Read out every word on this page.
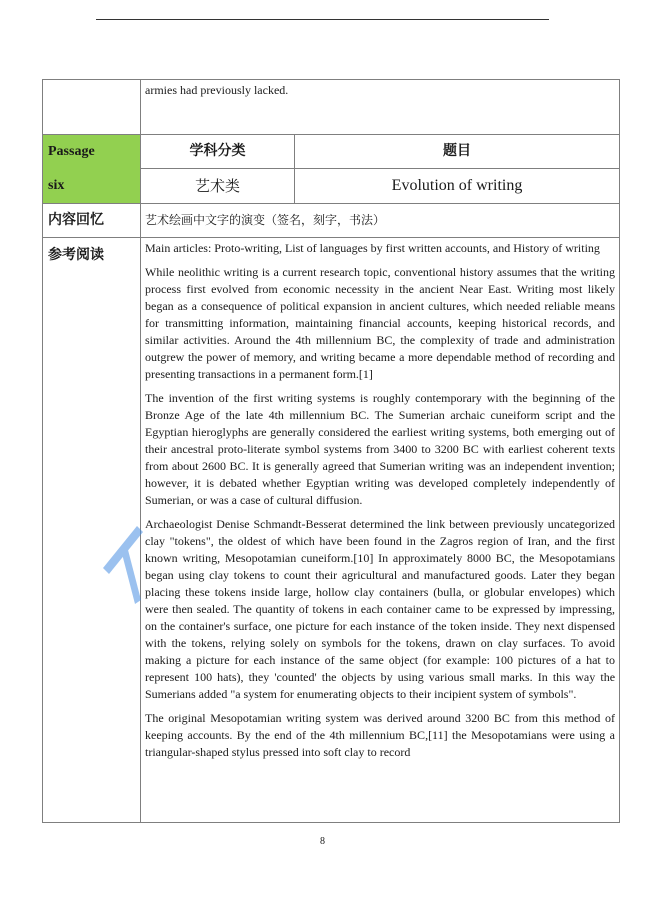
	armies had previously lacked.	

Passage
six	学科分类	题目

	艺术类	Evolution of writing

内容回忆	艺术绘画中文字的演变（签名，刻字，书法）	

参考阅读	Main articles: Proto-writing, List of languages by first written accounts, and History of writing

While neolithic writing is a current research topic, conventional history assumes that the writing process first evolved from economic necessity in the ancient Near East. Writing most likely began as a consequence of political expansion in ancient cultures, which needed reliable means for transmitting information, maintaining financial accounts, keeping historical records, and similar activities. Around the 4th millennium BC, the complexity of trade and administration outgrew the power of memory, and writing became a more dependable method of recording and presenting transactions in a permanent form.[1]

The invention of the first writing systems is roughly contemporary with the beginning of the Bronze Age of the late 4th millennium BC. The Sumerian archaic cuneiform script and the Egyptian hieroglyphs are generally considered the earliest writing systems, both emerging out of their ancestral proto-literate symbol systems from 3400 to 3200 BC with earliest coherent texts from about 2600 BC. It is generally agreed that Sumerian writing was an independent invention; however, it is debated whether Egyptian writing was developed completely independently of Sumerian, or was a case of cultural diffusion.

Archaeologist Denise Schmandt-Besserat determined the link between previously uncategorized clay "tokens", the oldest of which have been found in the Zagros region of Iran, and the first known writing, Mesopotamian cuneiform.[10] In approximately 8000 BC, the Mesopotamians began using clay tokens to count their agricultural and manufactured goods. Later they began placing these tokens inside large, hollow clay containers (bulla, or globular envelopes) which were then sealed. The quantity of tokens in each container came to be expressed by impressing, on the container's surface, one picture for each instance of the token inside. They next dispensed with the tokens, relying solely on symbols for the tokens, drawn on clay surfaces. To avoid making a picture for each instance of the same object (for example: 100 pictures of a hat to represent 100 hats), they 'counted' the objects by using various small marks. In this way the Sumerians added "a system for enumerating objects to their incipient system of symbols".

The original Mesopotamian writing system was derived around 3200 BC from this method of keeping accounts. By the end of the 4th millennium BC,[11] the Mesopotamians were using a triangular-shaped stylus pressed into soft clay to record	

8
